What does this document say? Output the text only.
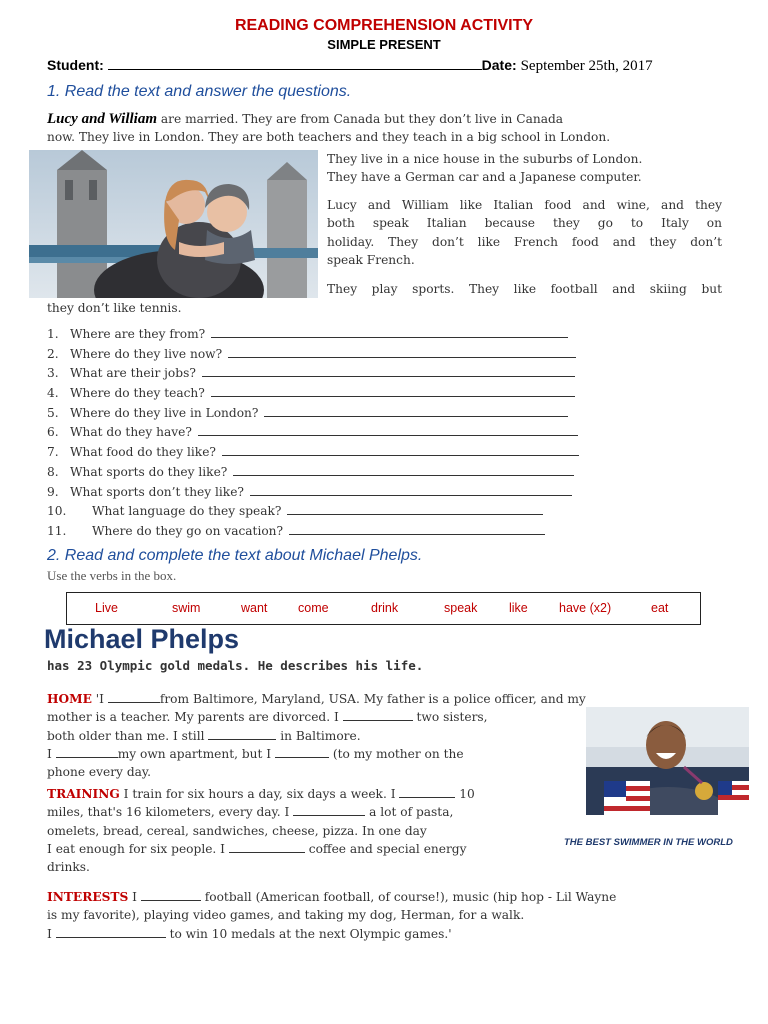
READING COMPREHENSION ACTIVITY
SIMPLE PRESENT
Student:	Date: September 25th, 2017
1. Read the text and answer the questions.
Lucy and William are married. They are from Canada but they don’t live in Canada
now. They live in London. They are both teachers and they teach in a big school in London.
They live in a nice house in the suburbs of London.
They have a German car and a Japanese computer.
Lucy and William like Italian food and wine, and they
both speak Italian because they go to Italy on
holiday. They don’t like French food and they don’t
speak French.
They play sports. They like football and skiing but
they don’t like tennis.
1. Where are they from?
2. Where do they live now?
3. What are their jobs?
4. Where do they teach?
5. Where do they live in London?
6. What do they have?
7. What food do they like?
8. What sports do they like?
9. What sports don’t they like?
10. What language do they speak?
11. Where do they go on vacation?
2. Read and complete the text about Michael Phelps.
Use the verbs in the box.
Live	swim	want come	drink	speak	like have (x2)	eat
Michael Phelps
has 23 Olympic gold medals. He describes his life.
HOME 'I	from Baltimore, Maryland, USA. My father is a police officer, and my
mother is a teacher. My parents are divorced. I	two sisters,
both older than me. I still	in Baltimore.
I	my own apartment, but I	(to my mother on the
phone every day.
TRAINING I train for six hours a day, six days a week. I	10
miles, that's 16 kilometers, every day. I	a lot of pasta,
omelets, bread, cereal, sandwiches, cheese, pizza. In one day
I eat enough for six people. I	coffee and special energy
drinks.
THE BEST SWIMMER IN THE WORLD
INTERESTS I	football (American football, of course!), music (hip hop - Lil Wayne
is my favorite), playing video games, and taking my dog, Herman, for a walk.
I	to win 10 medals at the next Olympic games.'
